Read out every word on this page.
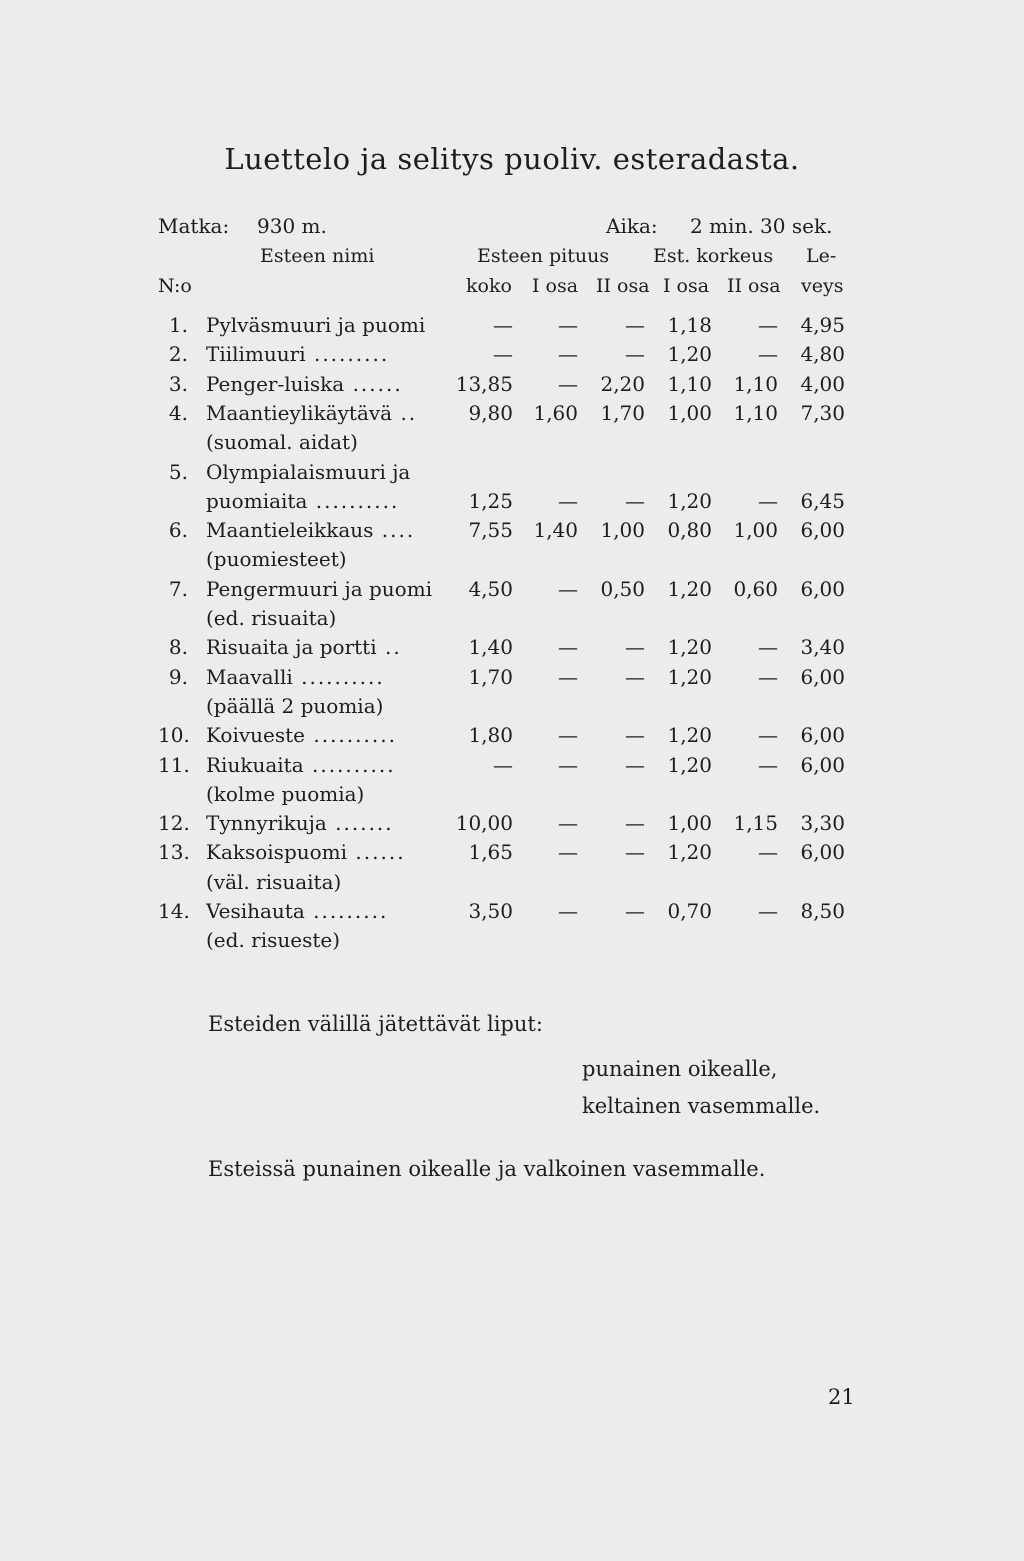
Luettelo ja selitys puoliv. esteradasta.
Matka: 930 m.	Aika: 2 min. 30 sek.
Esteen nimi	Esteen pituus Est. korkeus Le-
N:o	koko I osa II osa I osa II osa veys
1. Pylväsmuuri ja puomi	—	—	—	1,18	—	4,95
2. Tiilimuuri .........	—	—	—	1,20	—	4,80
3. Penger-luiska ......	13,85	—	2,20	1,10	1,10	4,00
4. Maantieylikäytävä ..	9,80	1,60	1,70	1,00	1,10	7,30
(suomal. aidat)
5. Olympialaismuuri ja
puomiaita ..........	1,25	—	—	1,20	—	6,45
6. Maantieleikkaus ....	7,55	1,40	1,00	0,80	1,00	6,00
(puomiesteet)
7. Pengermuuri ja puomi	4,50	—	0,50	1,20	0,60	6,00
(ed. risuaita)
8. Risuaita ja portti ..	1,40	—	—	1,20	—	3,40
9. Maavalli ..........	1,70	—	—	1,20	—	6,00
(päällä 2 puomia)
10. Koivueste ..........	1,80	—	—	1,20	—	6,00
11. Riukuaita ..........	—	—	—	1,20	—	6,00
(kolme puomia)
12. Tynnyrikuja .......	10,00	—	—	1,00	1,15	3,30
13. Kaksoispuomi ......	1,65	—	—	1,20	—	6,00
(väl. risuaita)
14. Vesihauta .........	3,50	—	—	0,70	—	8,50
(ed. risueste)
Esteiden välillä jätettävät liput:
punainen oikealle,
keltainen vasemmalle.
Esteissä punainen oikealle ja valkoinen vasemmalle.
21
